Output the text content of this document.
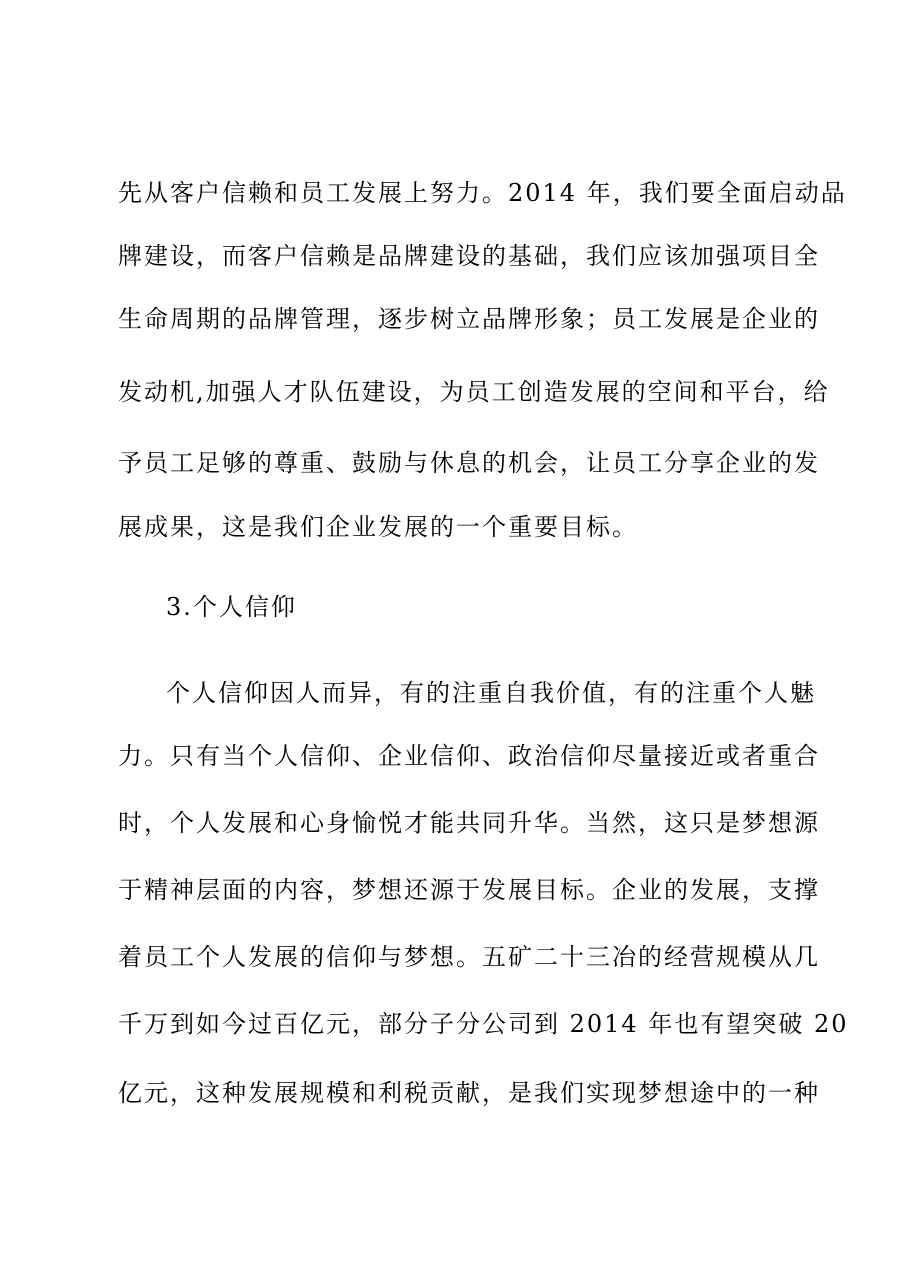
先从客户信赖和员工发展上努力。2014 年，我们要全面启动品
牌建设，而客户信赖是品牌建设的基础，我们应该加强项目全
生命周期的品牌管理，逐步树立品牌形象；员工发展是企业的
发动机,加强人才队伍建设，为员工创造发展的空间和平台，给
予员工足够的尊重、鼓励与休息的机会，让员工分享企业的发
展成果，这是我们企业发展的一个重要目标。
3.个人信仰
个人信仰因人而异，有的注重自我价值，有的注重个人魅
力。只有当个人信仰、企业信仰、政治信仰尽量接近或者重合
时，个人发展和心身愉悦才能共同升华。当然，这只是梦想源
于精神层面的内容，梦想还源于发展目标。企业的发展，支撑
着员工个人发展的信仰与梦想。五矿二十三冶的经营规模从几
千万到如今过百亿元，部分子分公司到 2014 年也有望突破 20
亿元，这种发展规模和利税贡献，是我们实现梦想途中的一种
